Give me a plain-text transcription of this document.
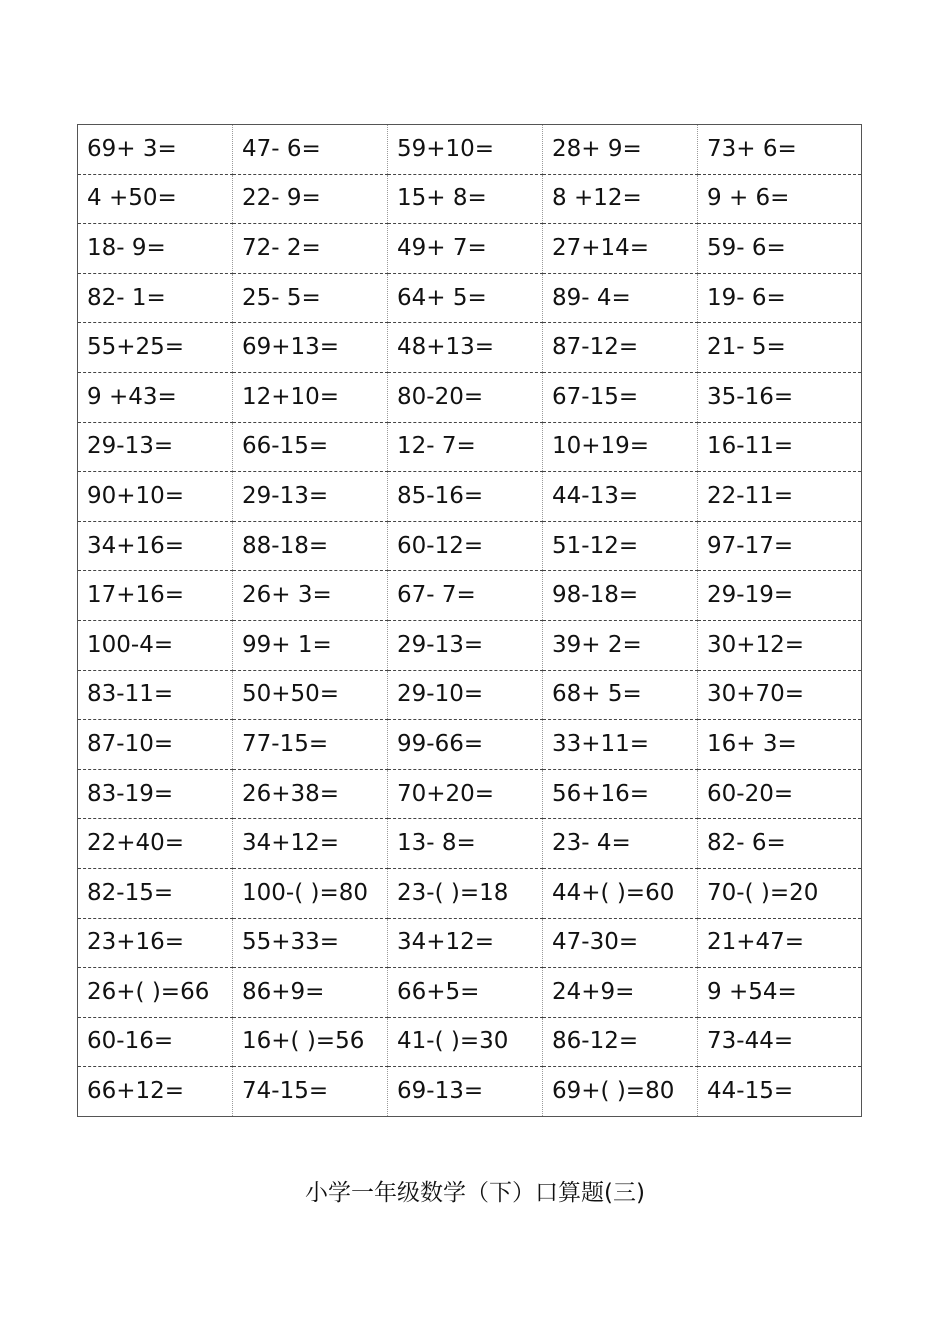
69+ 3=	47- 6=	59+10=	28+ 9=	73+ 6=
4 +50=	22- 9=	15+ 8=	8 +12=	9 + 6=
18- 9=	72- 2=	49+ 7=	27+14=	59- 6=
82- 1=	25- 5=	64+ 5=	89- 4=	19- 6=
55+25=	69+13=	48+13=	87-12=	21- 5=
9 +43=	12+10=	80-20=	67-15=	35-16=
29-13=	66-15=	12- 7=	10+19=	16-11=
90+10=	29-13=	85-16=	44-13=	22-11=
34+16=	88-18=	60-12=	51-12=	97-17=
17+16=	26+ 3=	67- 7=	98-18=	29-19=
100-4=	99+ 1=	29-13=	39+ 2=	30+12=
83-11=	50+50=	29-10=	68+ 5=	30+70=
87-10=	77-15=	99-66=	33+11=	16+ 3=
83-19=	26+38=	70+20=	56+16=	60-20=
22+40=	34+12=	13- 8=	23- 4=	82- 6=
82-15=	100-( )=80	23-( )=18	44+( )=60	70-( )=20
23+16=	55+33=	34+12=	47-30=	21+47=
26+( )=66	86+9=	66+5=	24+9=	9 +54=
60-16=	16+( )=56	41-( )=30	86-12=	73-44=
66+12=	74-15=	69-13=	69+( )=80	44-15=
小学一年级数学（下）口算题(三)
